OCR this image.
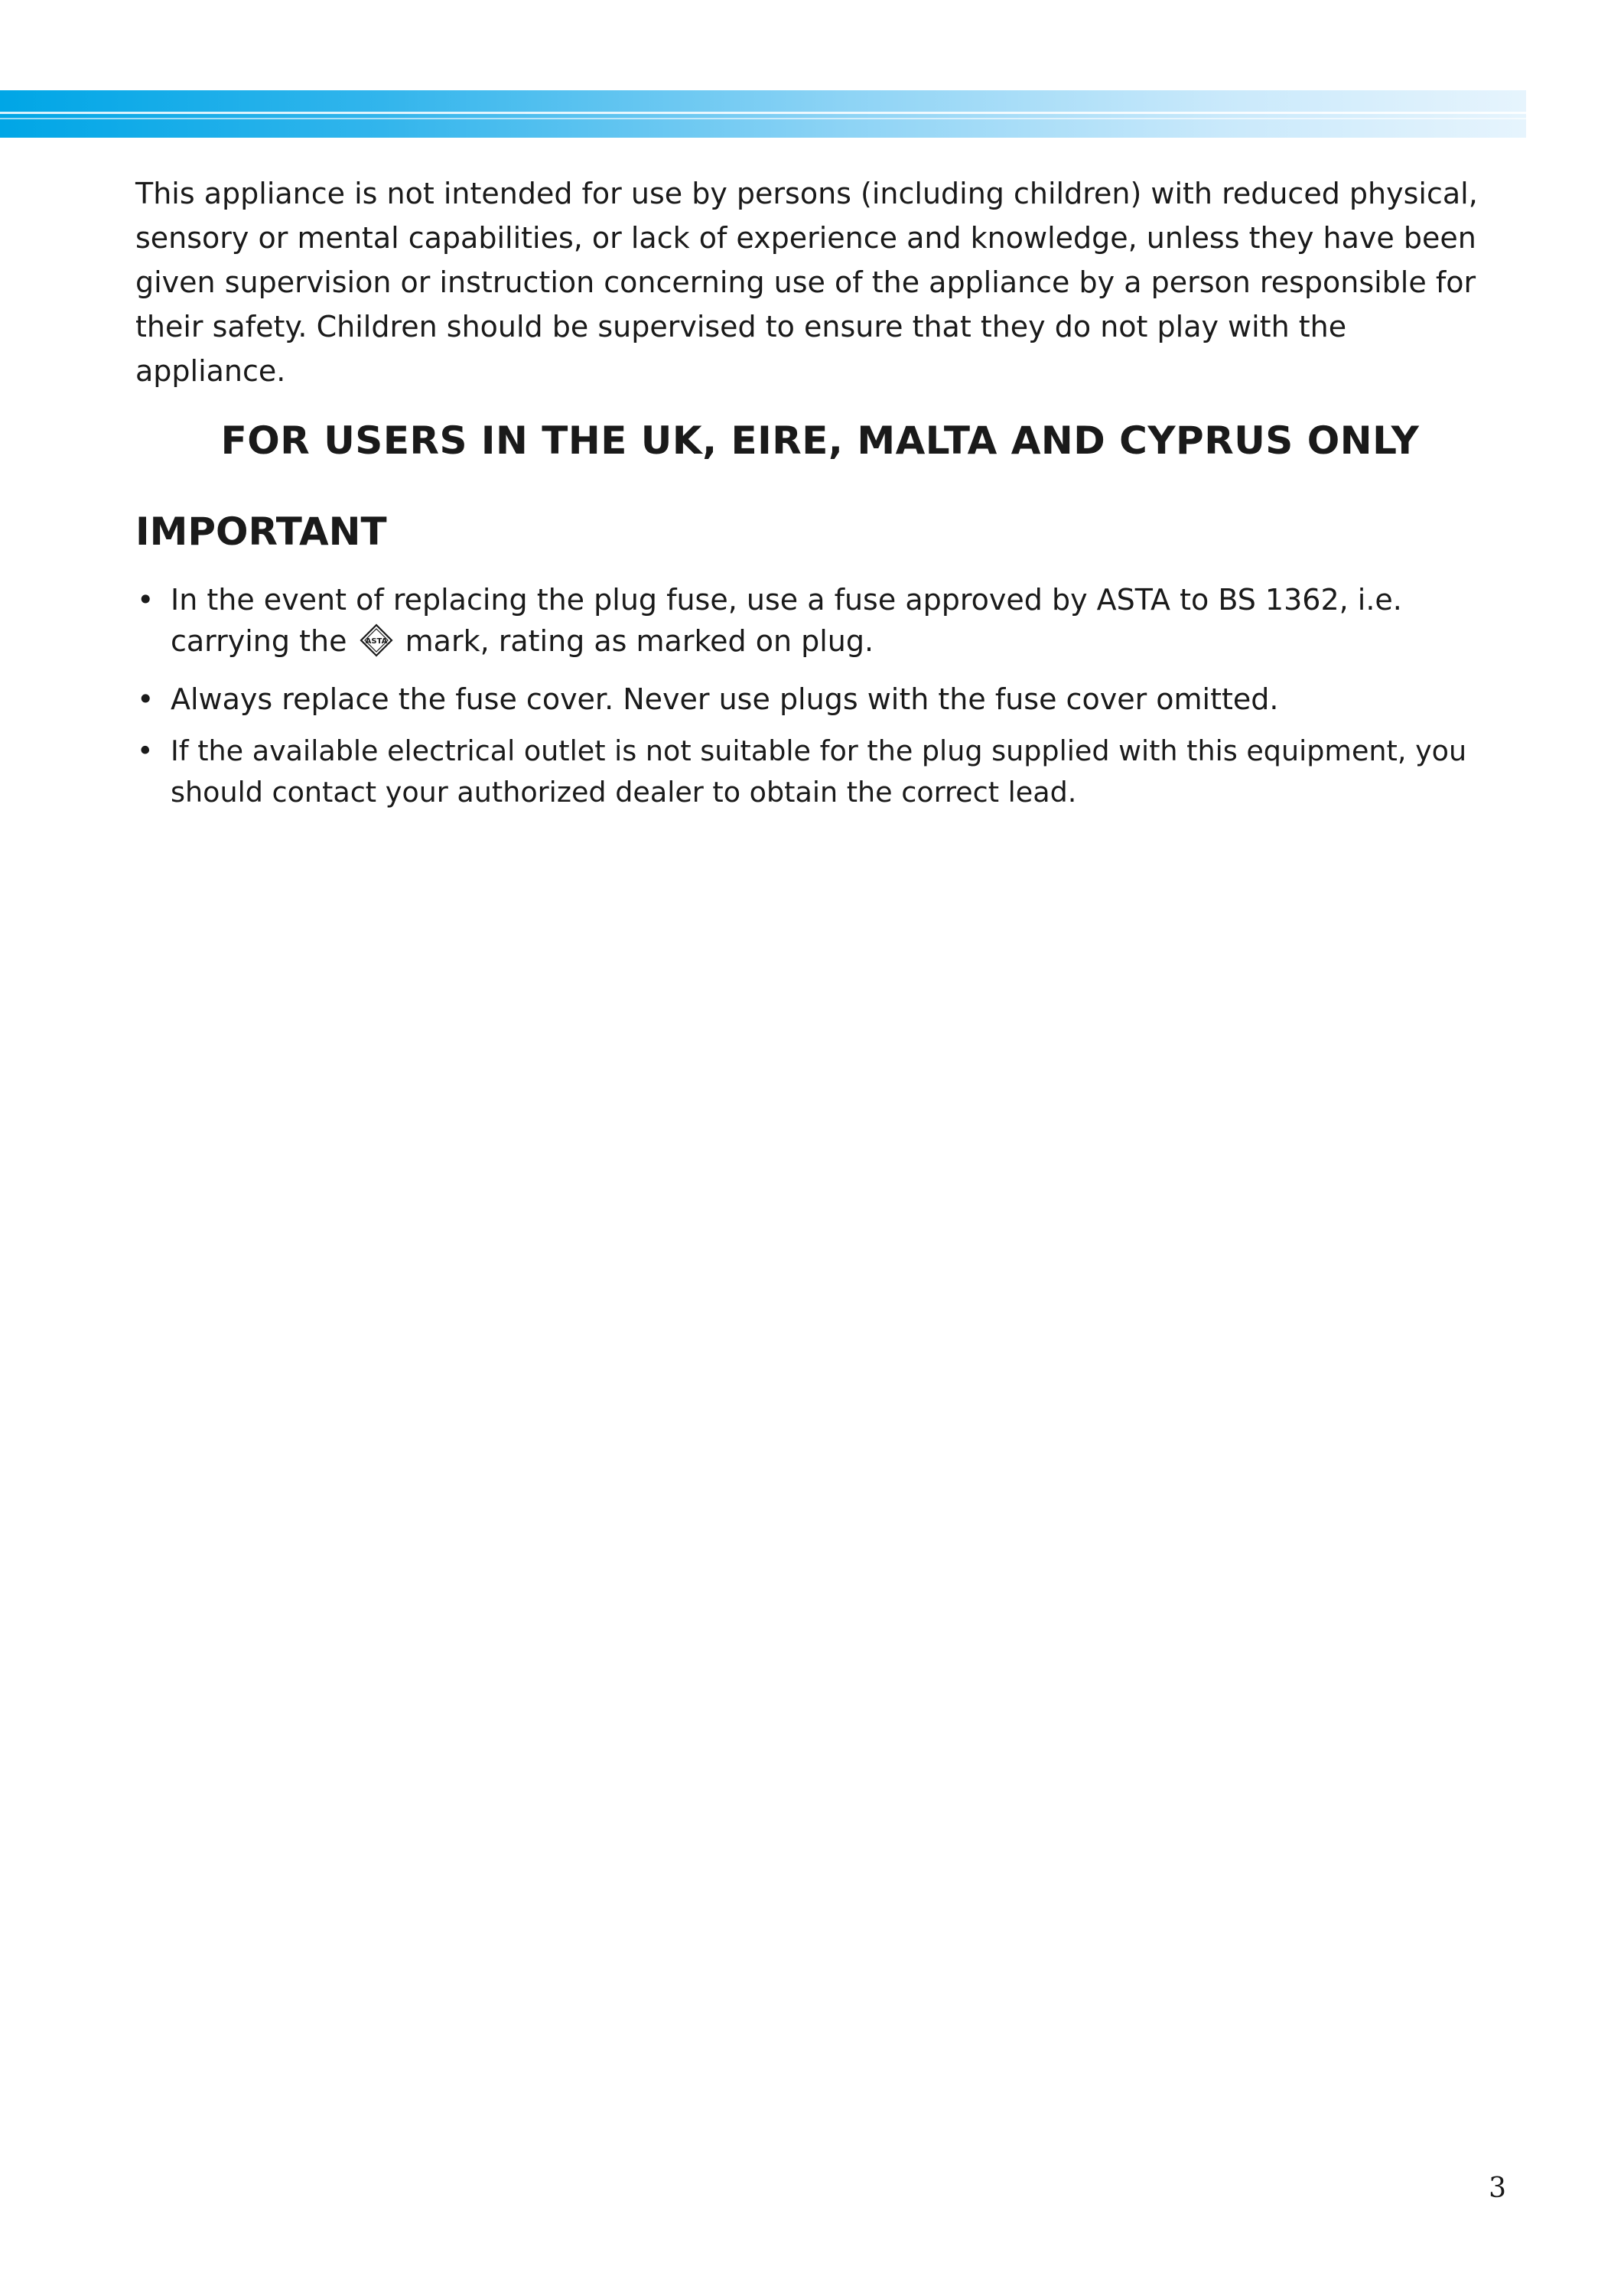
This appliance is not intended for use by persons (including children) with reduced physical, sensory or mental capabilities, or lack of experience and knowledge, unless they have been given supervision or instruction concerning use of the appliance by a person responsible for their safety. Children should be supervised to ensure that they do not play with the appliance.

FOR USERS IN THE UK, EIRE, MALTA AND CYPRUS ONLY
IMPORTANT
• In the event of replacing the plug fuse, use a fuse approved by ASTA to BS 1362, i.e. carrying the ASTA mark, rating as marked on plug.
• Always replace the fuse cover. Never use plugs with the fuse cover omitted.
• If the available electrical outlet is not suitable for the plug supplied with this equipment, you should contact your authorized dealer to obtain the correct lead.
3
